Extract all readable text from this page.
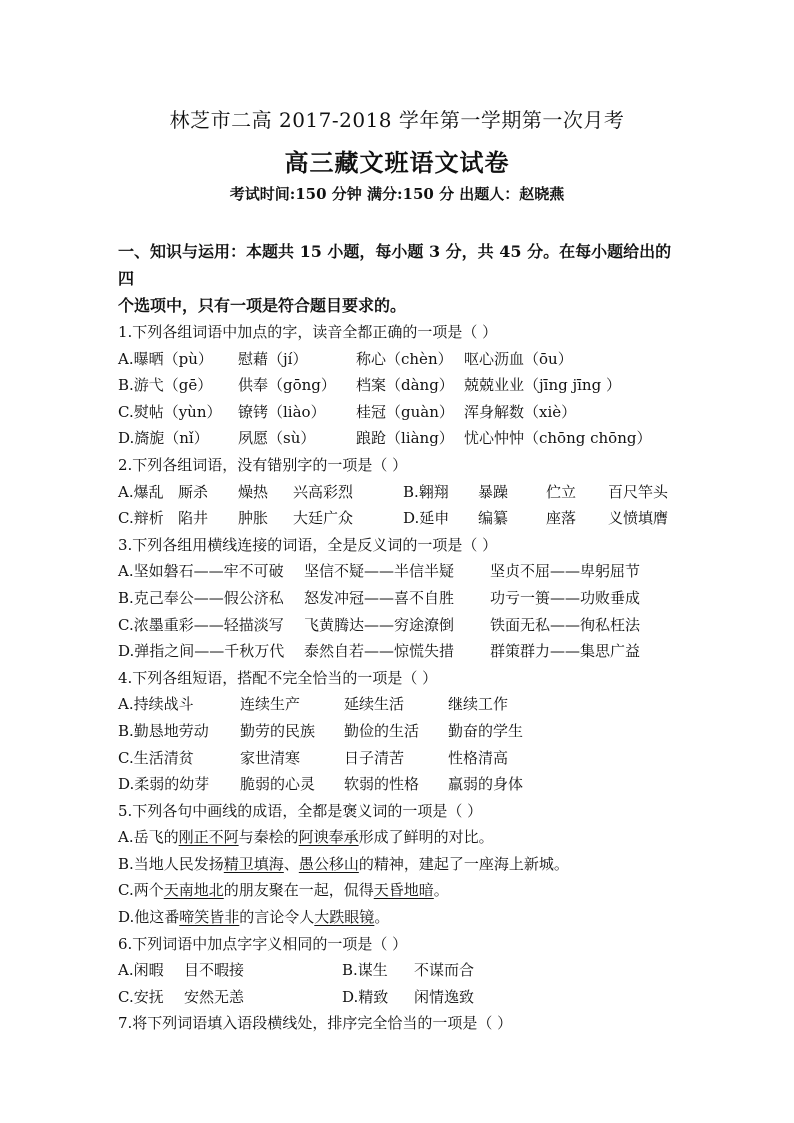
林芝市二高 2017-2018 学年第一学期第一次月考
高三藏文班语文试卷
考试时间:150 分钟 满分:150 分 出题人：赵晓燕
一、知识与运用：本题共 15 小题，每小题 3 分，共 45 分。在每小题给出的四
个选项中，只有一项是符合题目要求的。
1.下列各组词语中加点的字，读音全都正确的一项是（ ）
A.曝晒（pù）	慰藉（jí）	称心（chèn） 呕心沥血（ōu）
B.游弋（gē）	供奉（gōng）	档案（dàng） 兢兢业业（jīng jīng ）
C.熨帖（yùn）	镣铐（liào）	桂冠（guàn） 浑身解数（xiè）
D.旖旎（nǐ）	夙愿（sù）	踉跄（liàng） 忧心忡忡（chōng chōng）
2.下列各组词语，没有错别字的一项是（ ）
A.爆乱 厮杀	燥热	兴高彩烈	B.翱翔	暴躁	伫立	百尺竿头
C.辩析 陷井	肿胀	大廷广众	D.延申	编纂	座落	义愤填膺
3.下列各组用横线连接的词语，全是反义词的一项是（ ）
A.坚如磐石——牢不可破	坚信不疑——半信半疑	坚贞不屈——卑躬屈节
B.克己奉公——假公济私	怒发冲冠——喜不自胜	功亏一篑——功败垂成
C.浓墨重彩——轻描淡写	飞黄腾达——穷途潦倒	铁面无私——徇私枉法
D.弹指之间——千秋万代	泰然自若——惊慌失措	群策群力——集思广益
4.下列各组短语，搭配不完全恰当的一项是（ ）
A.持续战斗	连续生产	延续生活	继续工作
B.勤恳地劳动	勤劳的民族	勤俭的生活	勤奋的学生
C.生活清贫	家世清寒	日子清苦	性格清高
D.柔弱的幼芽	脆弱的心灵	软弱的性格	羸弱的身体
5.下列各句中画线的成语，全都是褒义词的一项是（ ）
A.岳飞的刚正不阿与秦桧的阿谀奉承形成了鲜明的对比。
B.当地人民发扬精卫填海、愚公移山的精神，建起了一座海上新城。
C.两个天南地北的朋友聚在一起，侃得天昏地暗。
D.他这番啼笑皆非的言论令人大跌眼镜。
6.下列词语中加点字字义相同的一项是（ ）
A.闲暇	目不暇接	B.谋生	不谋而合
C.安抚	安然无恙	D.精致	闲情逸致
7.将下列词语填入语段横线处，排序完全恰当的一项是（ ）
